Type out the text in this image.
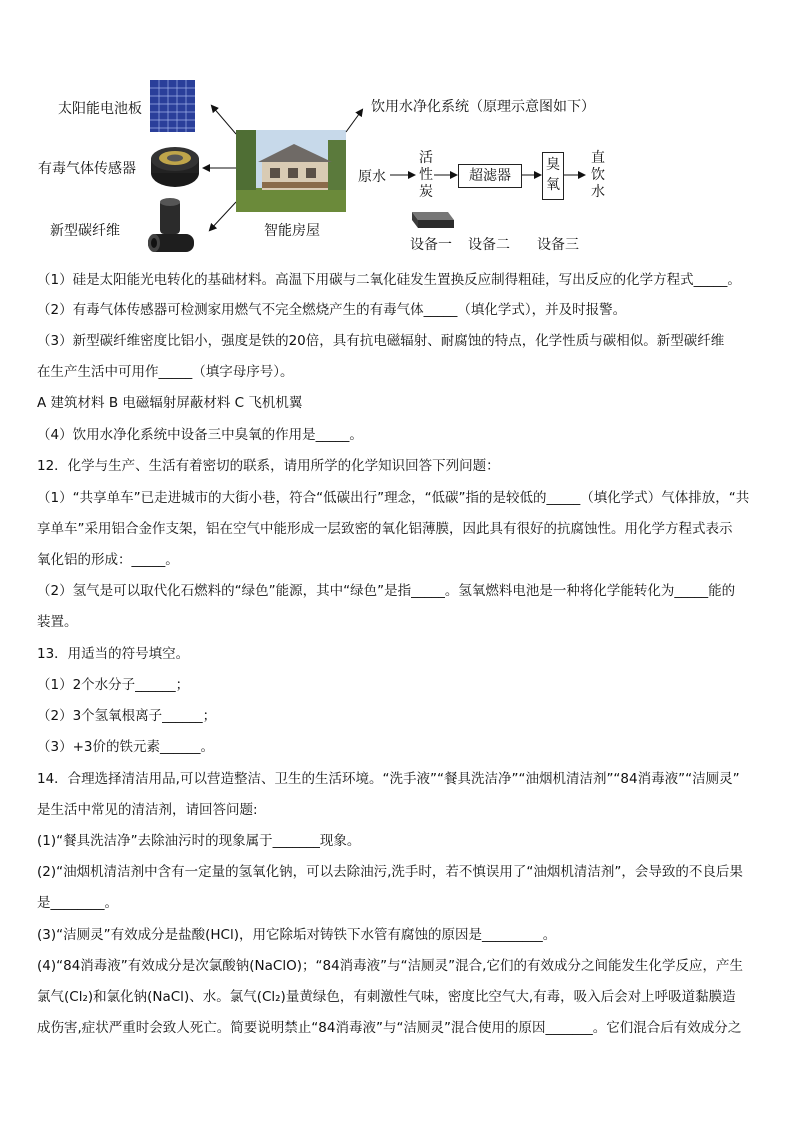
太阳能电池板
有毒气体传感器
新型碳纤维	智能房屋
饮用水净化系统（原理示意图如下）
原水
活
性
炭
超滤器
臭
氧
直
饮
水
设备一 设备二 设备三
（1）硅是太阳能光电转化的基础材料。高温下用碳与二氧化硅发生置换反应制得粗硅，写出反应的化学方程式_____。
（2）有毒气体传感器可检测家用燃气不完全燃烧产生的有毒气体_____（填化学式），并及时报警。
（3）新型碳纤维密度比铝小，强度是铁的20倍，具有抗电磁辐射、耐腐蚀的特点，化学性质与碳相似。新型碳纤维
在生产生活中可用作_____（填字母序号）。
A 建筑材料 B 电磁辐射屏蔽材料 C 飞机机翼
（4）饮用水净化系统中设备三中臭氧的作用是_____。
12．化学与生产、生活有着密切的联系，请用所学的化学知识回答下列问题：
（1）“共享单车”已走进城市的大街小巷，符合“低碳出行”理念，“低碳”指的是较低的_____（填化学式）气体排放，“共
享单车”采用铝合金作支架，铝在空气中能形成一层致密的氧化铝薄膜，因此具有很好的抗腐蚀性。用化学方程式表示
氧化铝的形成：_____。
（2）氢气是可以取代化石燃料的“绿色”能源，其中“绿色”是指_____。氢氧燃料电池是一种将化学能转化为_____能的
装置。
13．用适当的符号填空。
（1）2个水分子______；
（2）3个氢氧根离子______；
（3）+3价的铁元素______。
14．合理选择清洁用品,可以营造整洁、卫生的生活环境。“洗手液”“餐具洗洁净”“油烟机清洁剂”“84消毒液”“洁厕灵”
是生活中常见的清洁剂，请回答问题:
(1)“餐具洗洁净”去除油污时的现象属于_______现象。
(2)“油烟机清洁剂中含有一定量的氢氧化钠，可以去除油污,洗手时，若不慎误用了“油烟机清洁剂”，会导致的不良后果
是________。
(3)“洁厕灵”有效成分是盐酸(HCl)，用它除垢对铸铁下水管有腐蚀的原因是_________。
(4)“84消毒液”有效成分是次氯酸钠(NaClO)；“84消毒液”与“洁厕灵”混合,它们的有效成分之间能发生化学反应，产生
氯气(Cl₂)和氯化钠(NaCl)、水。氯气(Cl₂)量黄绿色，有刺激性气味，密度比空气大,有毒，吸入后会对上呼吸道黏膜造
成伤害,症状严重时会致人死亡。简要说明禁止“84消毒液”与“洁厕灵”混合使用的原因_______。它们混合后有效成分之
